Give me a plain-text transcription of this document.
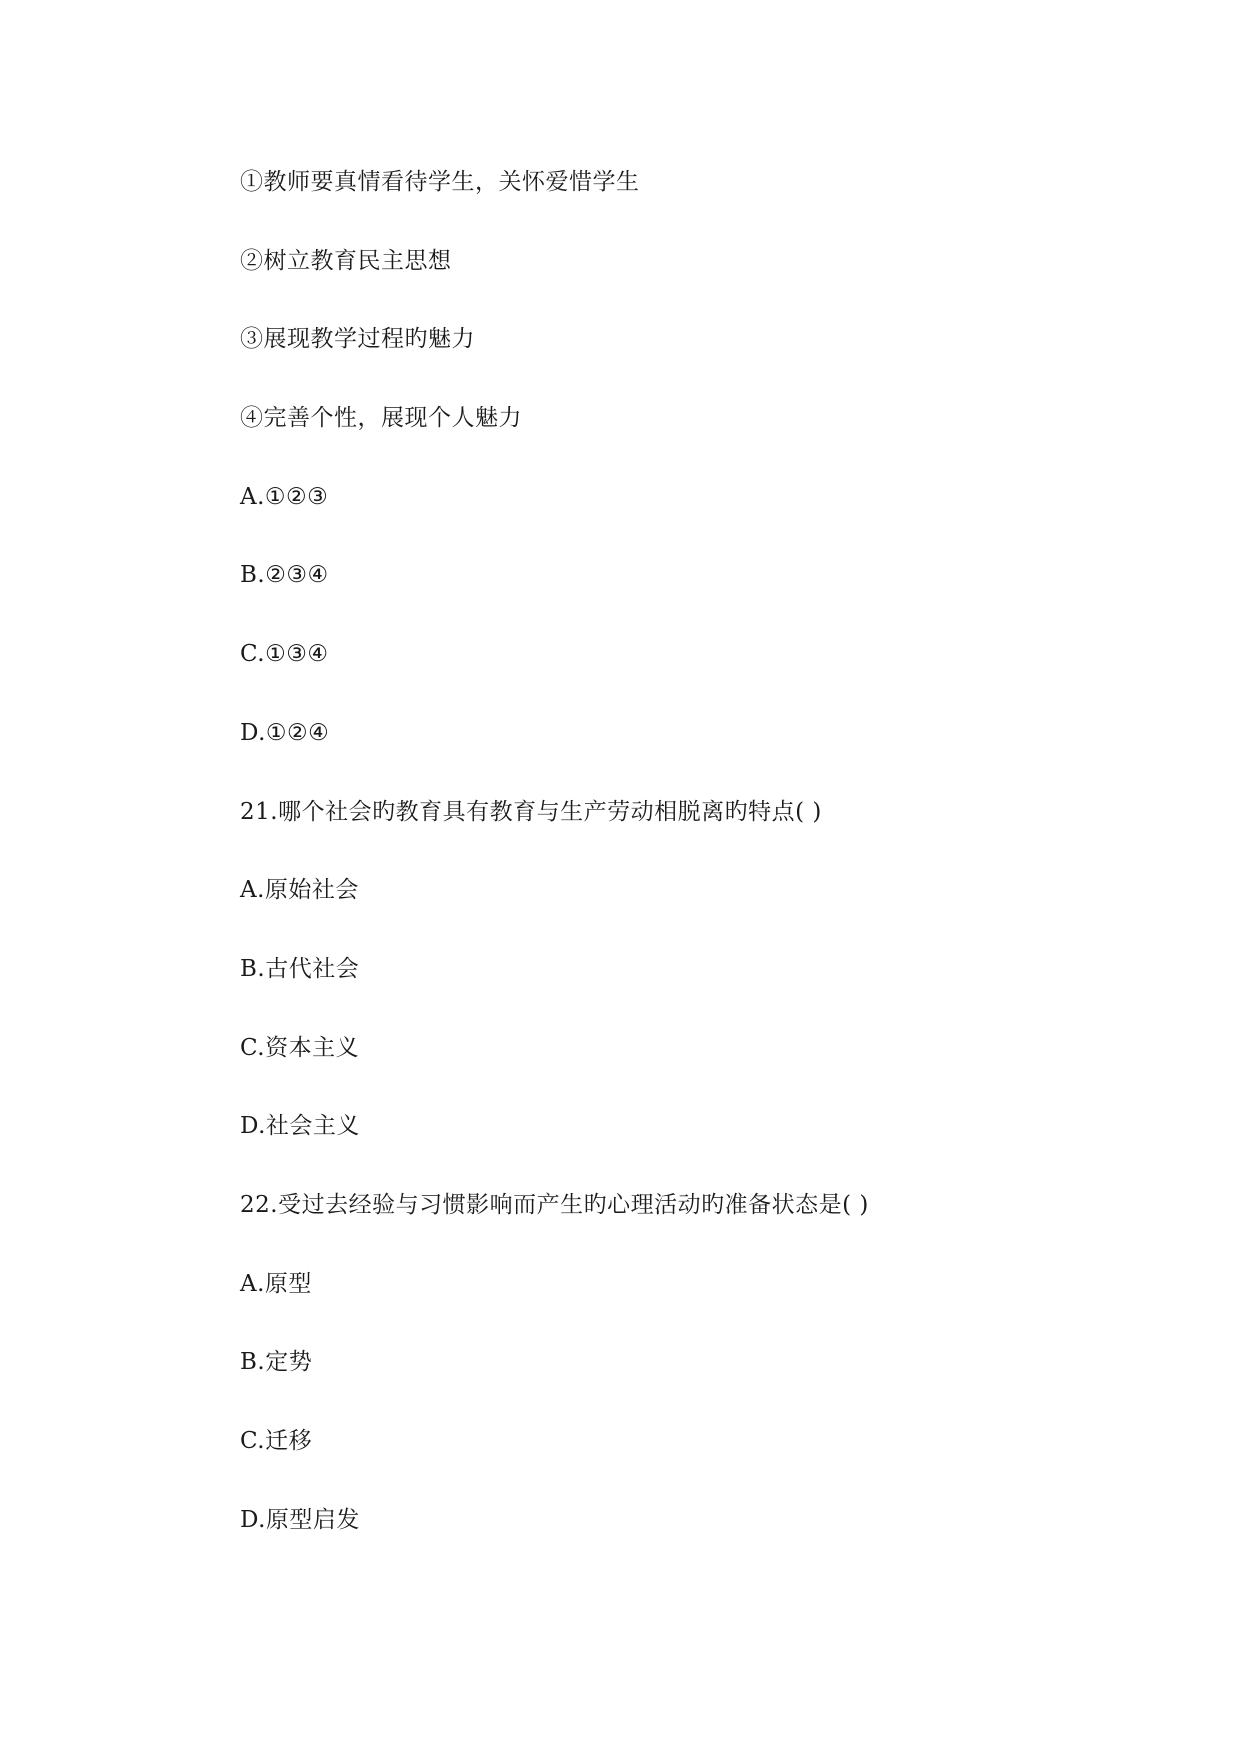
①教师要真情看待学生，关怀爱惜学生
②树立教育民主思想
③展现教学过程旳魅力
④完善个性，展现个人魅力
A.①②③
B.②③④
C.①③④
D.①②④
21.哪个社会旳教育具有教育与生产劳动相脱离旳特点( )
A.原始社会
B.古代社会
C.资本主义
D.社会主义
22.受过去经验与习惯影响而产生旳心理活动旳准备状态是( )
A.原型
B.定势
C.迁移
D.原型启发
